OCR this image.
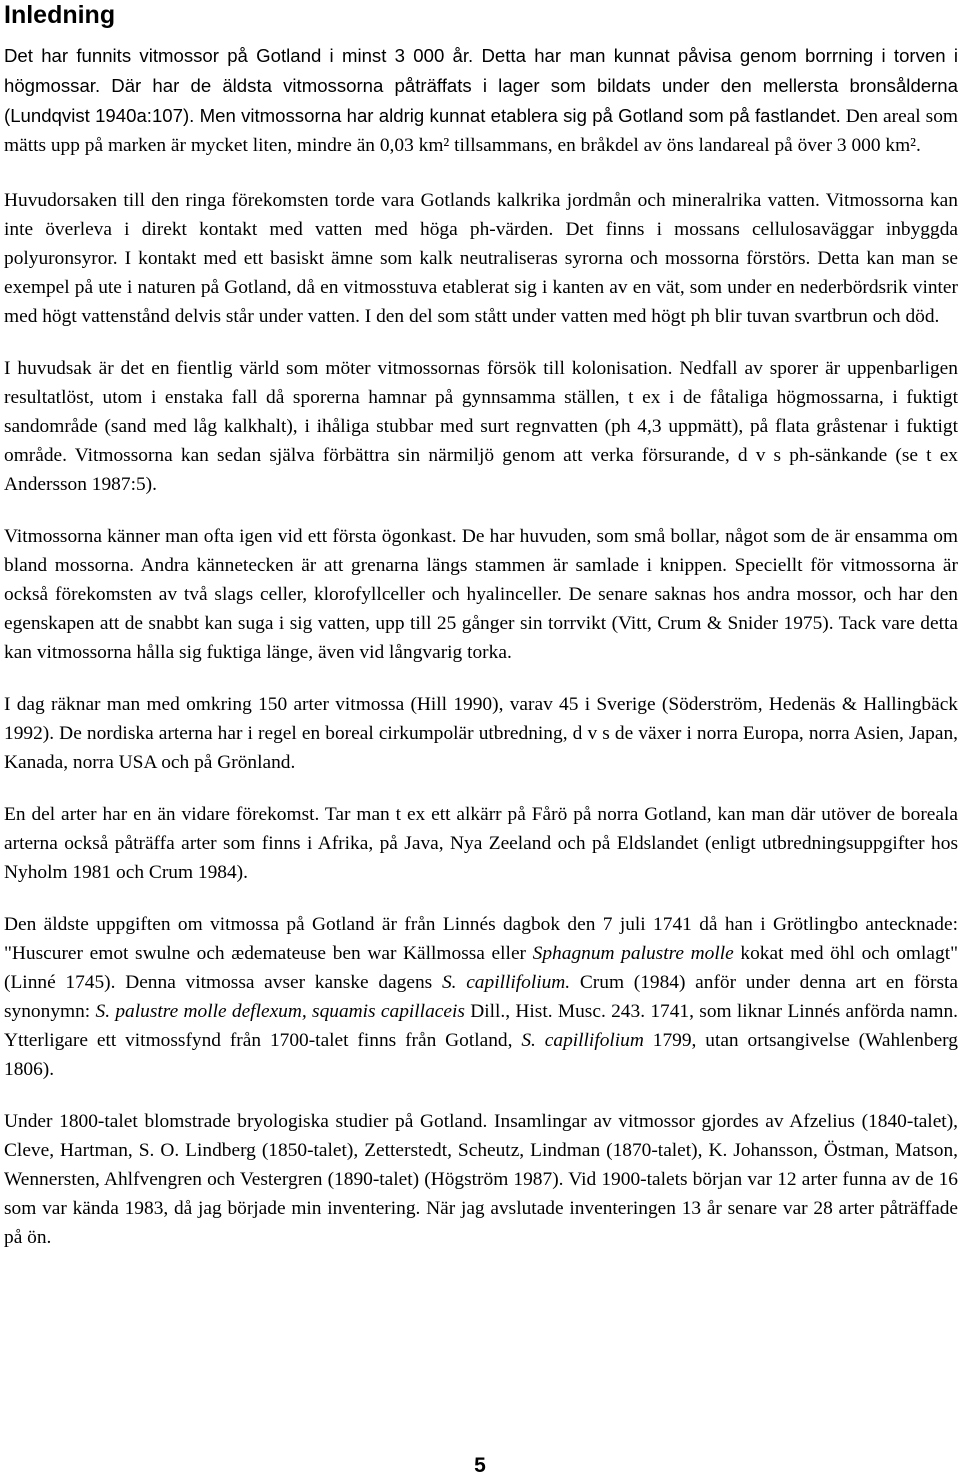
Inledning

Det har funnits vitmossor på Gotland i minst 3 000 år. Detta har man kunnat påvisa genom borrning i torven i högmossar. Där har de äldsta vitmossorna påträffats i lager som bildats under den mellersta bronsålderna (Lundqvist 1940a:107). Men vitmossorna har aldrig kunnat etablera sig på Gotland som på fastlandet. Den areal som mätts upp på marken är mycket liten, mindre än 0,03 km² tillsammans, en bråkdel av öns landareal på över 3 000 km².

Huvudorsaken till den ringa förekomsten torde vara Gotlands kalkrika jordmån och mineralrika vatten. Vitmossorna kan inte överleva i direkt kontakt med vatten med höga ph-värden. Det finns i mossans cellulosaväggar inbyggda polyuronsyror. I kontakt med ett basiskt ämne som kalk neutraliseras syrorna och mossorna förstörs. Detta kan man se exempel på ute i naturen på Gotland, då en vitmosstuva etablerat sig i kanten av en vät, som under en nederbördsrik vinter med högt vattenstånd delvis står under vatten. I den del som stått under vatten med högt ph blir tuvan svartbrun och död.

I huvudsak är det en fientlig värld som möter vitmossornas försök till kolonisation. Nedfall av sporer är uppenbarligen resultatlöst, utom i enstaka fall då sporerna hamnar på gynnsamma ställen, t ex i de fåtaliga högmossarna, i fuktigt sandområde (sand med låg kalkhalt), i ihåliga stubbar med surt regnvatten (ph 4,3 uppmätt), på flata gråstenar i fuktigt område. Vitmossorna kan sedan själva förbättra sin närmiljö genom att verka försurande, d v s ph-sänkande (se t ex Andersson 1987:5).

Vitmossorna känner man ofta igen vid ett första ögonkast. De har huvuden, som små bollar, något som de är ensamma om bland mossorna. Andra kännetecken är att grenarna längs stammen är samlade i knippen. Speciellt för vitmossorna är också förekomsten av två slags celler, klorofyllceller och hyalinceller. De senare saknas hos andra mossor, och har den egenskapen att de snabbt kan suga i sig vatten, upp till 25 gånger sin torrvikt (Vitt, Crum & Snider 1975). Tack vare detta kan vitmossorna hålla sig fuktiga länge, även vid långvarig torka.

I dag räknar man med omkring 150 arter vitmossa (Hill 1990), varav 45 i Sverige (Söderström, Hedenäs & Hallingbäck 1992). De nordiska arterna har i regel en boreal cirkumpolär utbredning, d v s de växer i norra Europa, norra Asien, Japan, Kanada, norra USA och på Grönland.

En del arter har en än vidare förekomst. Tar man t ex ett alkärr på Fårö på norra Gotland, kan man där utöver de boreala arterna också påträffa arter som finns i Afrika, på Java, Nya Zeeland och på Eldslandet (enligt utbredningsuppgifter hos Nyholm 1981 och Crum 1984).

Den äldste uppgiften om vitmossa på Gotland är från Linnés dagbok den 7 juli 1741 då han i Grötlingbo antecknade: "Huscurer emot swulne och ædemateuse ben war Källmossa eller Sphagnum palustre molle kokat med öhl och omlagt" (Linné 1745). Denna vitmossa avser kanske dagens S. capillifolium. Crum (1984) anför under denna art en första synonymn: S. palustre molle deflexum, squamis capillaceis Dill., Hist. Musc. 243. 1741, som liknar Linnés anförda namn. Ytterligare ett vitmossfynd från 1700-talet finns från Gotland, S. capillifolium 1799, utan ortsangivelse (Wahlenberg 1806).

Under 1800-talet blomstrade bryologiska studier på Gotland. Insamlingar av vitmossor gjordes av Afzelius (1840-talet), Cleve, Hartman, S. O. Lindberg (1850-talet), Zetterstedt, Scheutz, Lindman (1870-talet), K. Johansson, Östman, Matson, Wennersten, Ahlfvengren och Vestergren (1890-talet) (Högström 1987). Vid 1900-talets början var 12 arter funna av de 16 som var kända 1983, då jag började min inventering. När jag avslutade inventeringen 13 år senare var 28 arter påträffade på ön.

5
